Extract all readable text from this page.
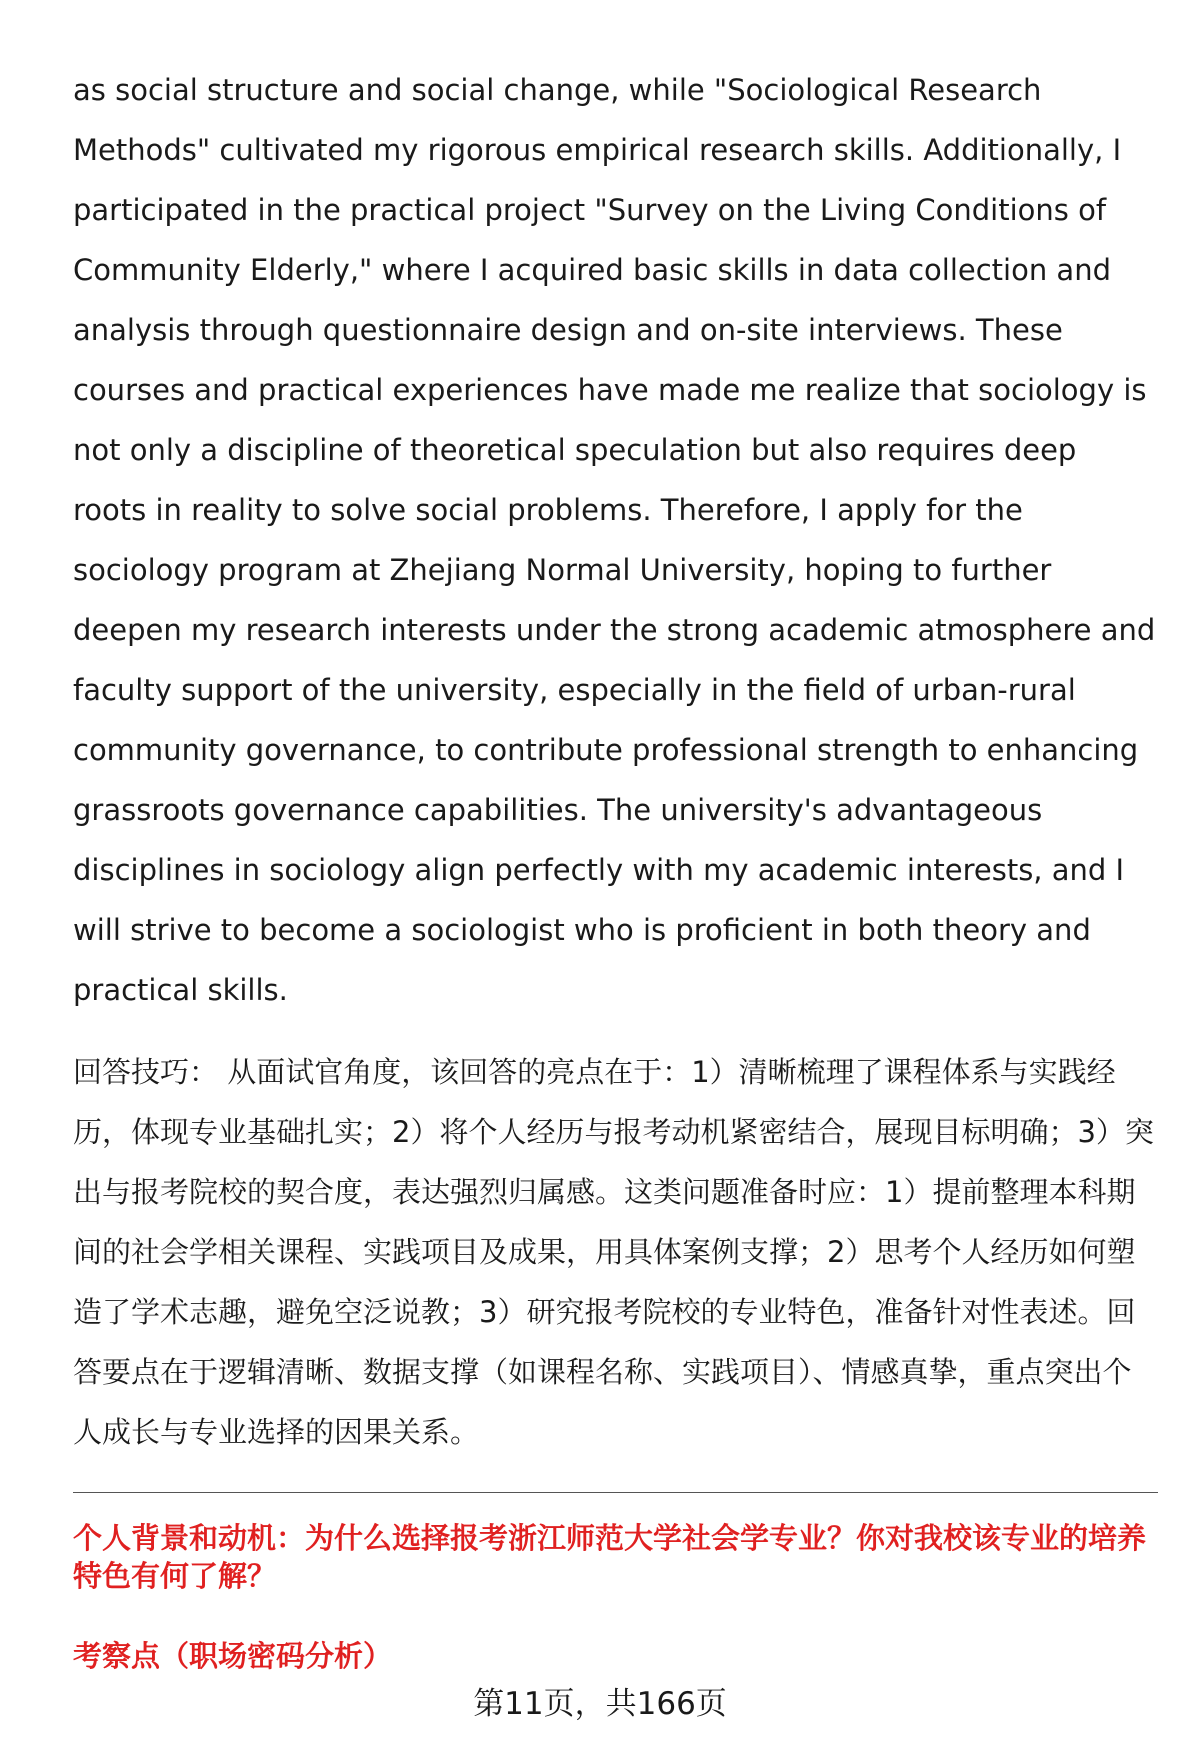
as social structure and social change, while "Sociological Research Methods" cultivated my rigorous empirical research skills. Additionally, I participated in the practical project "Survey on the Living Conditions of Community Elderly," where I acquired basic skills in data collection and analysis through questionnaire design and on-site interviews. These courses and practical experiences have made me realize that sociology is not only a discipline of theoretical speculation but also requires deep roots in reality to solve social problems. Therefore, I apply for the sociology program at Zhejiang Normal University, hoping to further deepen my research interests under the strong academic atmosphere and faculty support of the university, especially in the field of urban-rural community governance, to contribute professional strength to enhancing grassroots governance capabilities. The university's advantageous disciplines in sociology align perfectly with my academic interests, and I will strive to become a sociologist who is proficient in both theory and practical skills.

回答技巧： 从面试官角度，该回答的亮点在于：1）清晰梳理了课程体系与实践经历，体现专业基础扎实；2）将个人经历与报考动机紧密结合，展现目标明确；3）突出与报考院校的契合度，表达强烈归属感。这类问题准备时应：1）提前整理本科期间的社会学相关课程、实践项目及成果，用具体案例支撑；2）思考个人经历如何塑造了学术志趣，避免空泛说教；3）研究报考院校的专业特色，准备针对性表述。回答要点在于逻辑清晰、数据支撑（如课程名称、实践项目）、情感真挚，重点突出个人成长与专业选择的因果关系。
个人背景和动机：为什么选择报考浙江师范大学社会学专业？你对我校该专业的培养特色有何了解？
考察点（职场密码分析）
第11页，共166页
